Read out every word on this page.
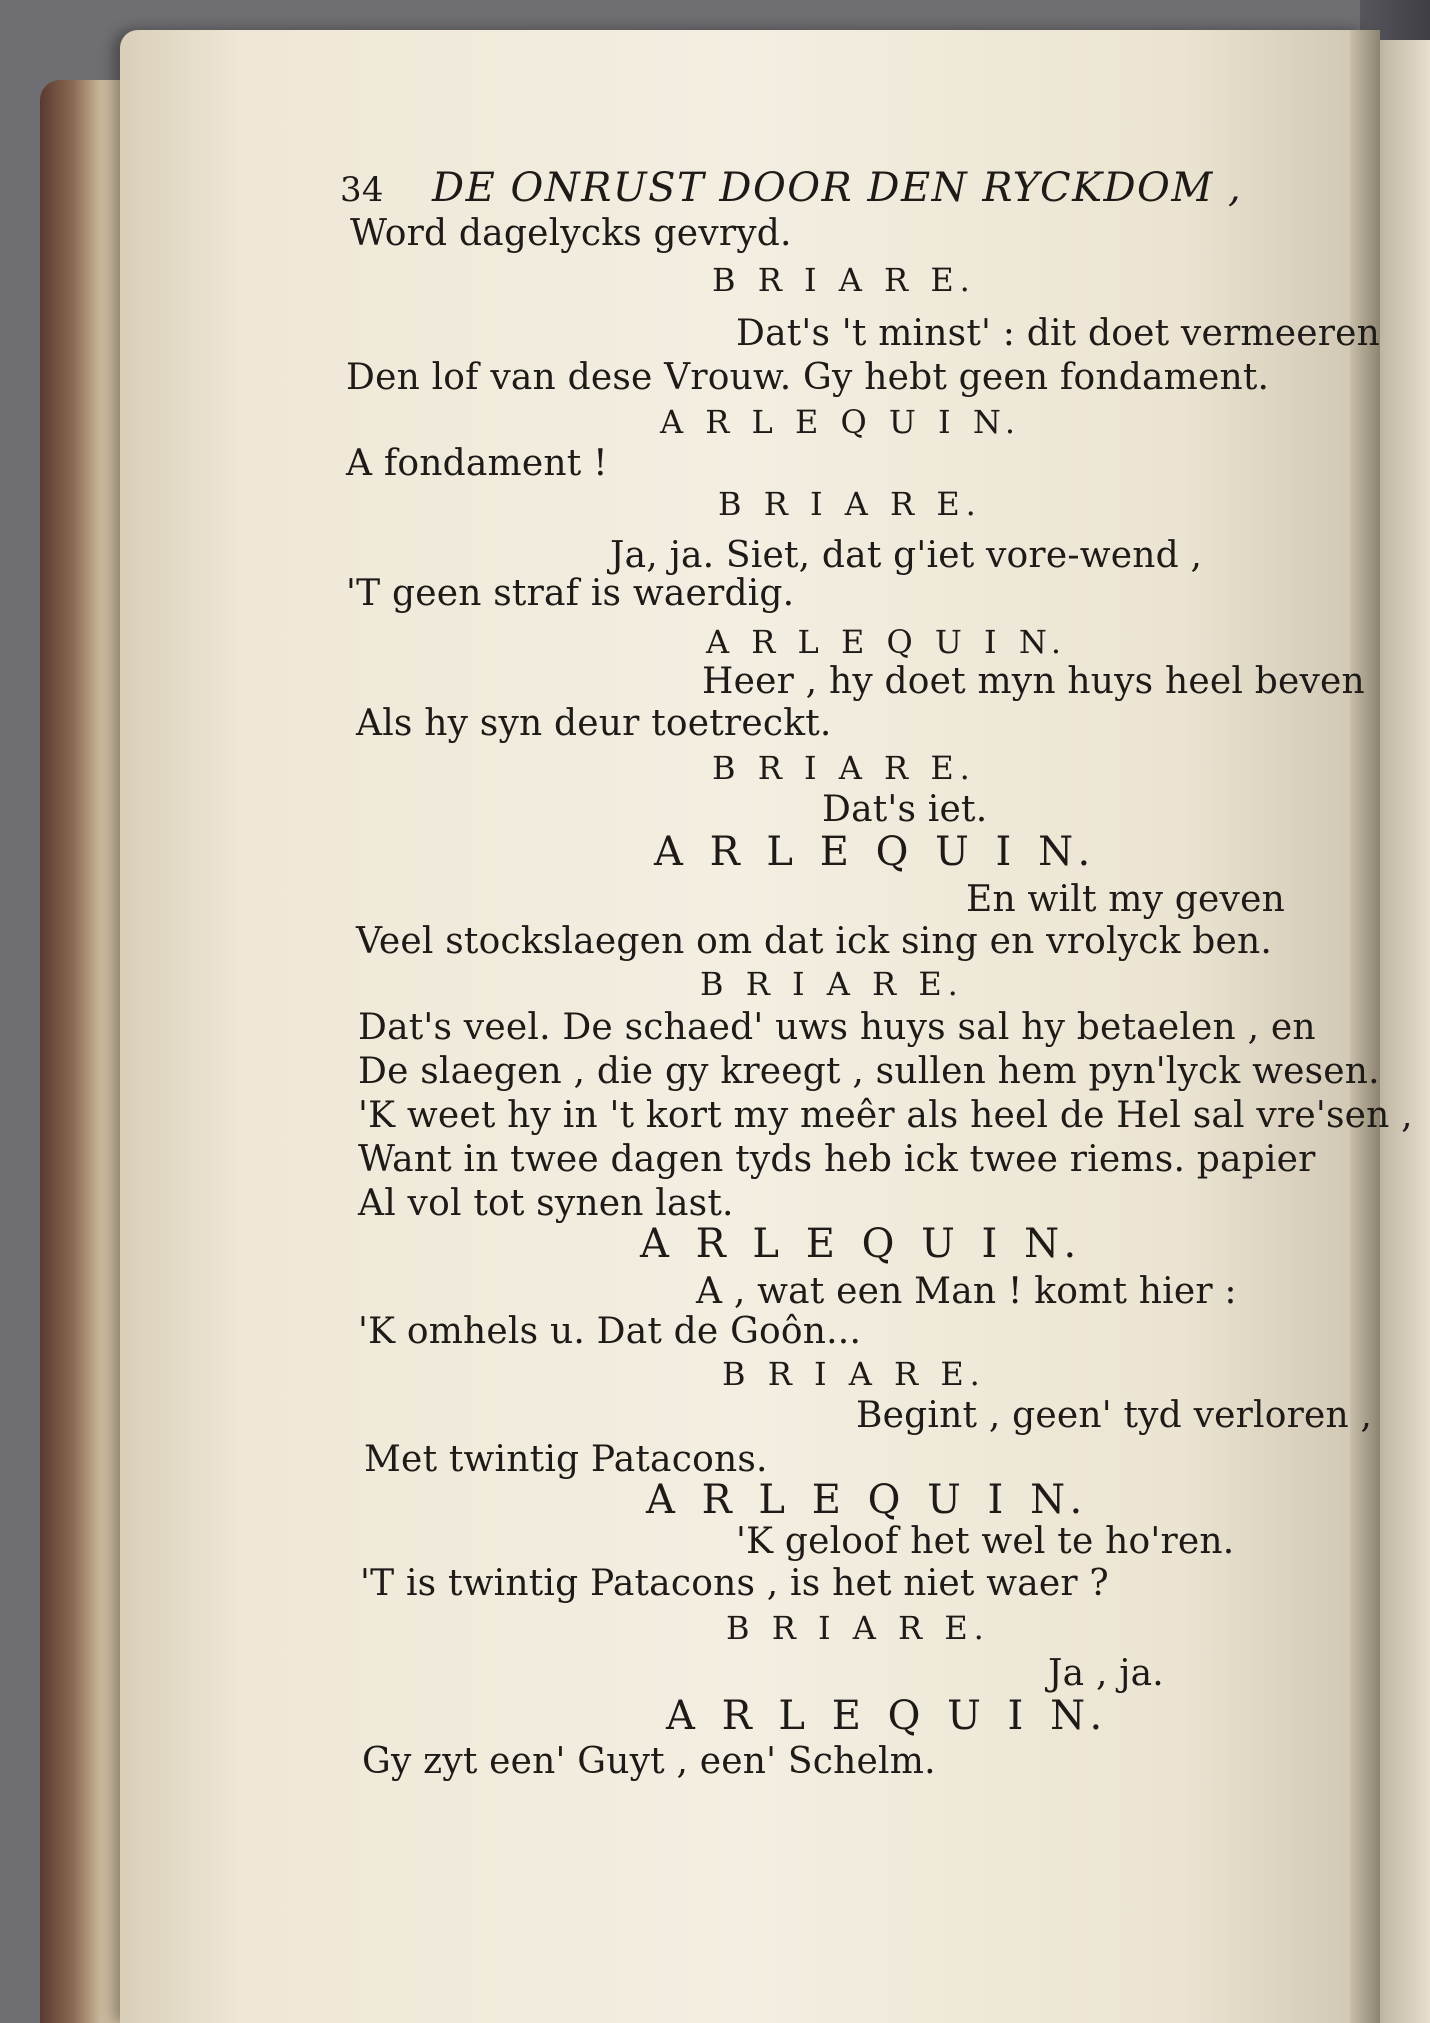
34 DE ONRUST DOOR DEN RYCKDOM ,
Word dagelycks gevryd.
B R I A R E.
Dat's 't minst' : dit doet vermeeren
Den lof van dese Vrouw. Gy hebt geen fondament.
A R L E Q U I N.
A fondament !
B R I A R E.
Ja, ja. Siet, dat g'iet vore-wend ,
'T geen straf is waerdig.
A R L E Q U I N.
Heer , hy doet myn huys heel beven
Als hy syn deur toetreckt.
B R I A R E.
Dat's iet.
A R L E Q U I N.
En wilt my geven
Veel stockslaegen om dat ick sing en vrolyck ben.
B R I A R E.
Dat's veel. De schaed' uws huys sal hy betaelen , en
De slaegen , die gy kreegt , sullen hem pyn'lyck wesen.
'K weet hy in 't kort my meêr als heel de Hel sal vre'sen ,
Want in twee dagen tyds heb ick twee riems. papier
Al vol tot synen last.
A R L E Q U I N.
A , wat een Man ! komt hier :
'K omhels u. Dat de Goôn...
B R I A R E.
Begint , geen' tyd verloren ,
Met twintig Patacons.
A R L E Q U I N.
'K geloof het wel te ho'ren.
'T is twintig Patacons , is het niet waer ?
B R I A R E.
Ja , ja.
A R L E Q U I N.
Gy zyt een' Guyt , een' Schelm.
